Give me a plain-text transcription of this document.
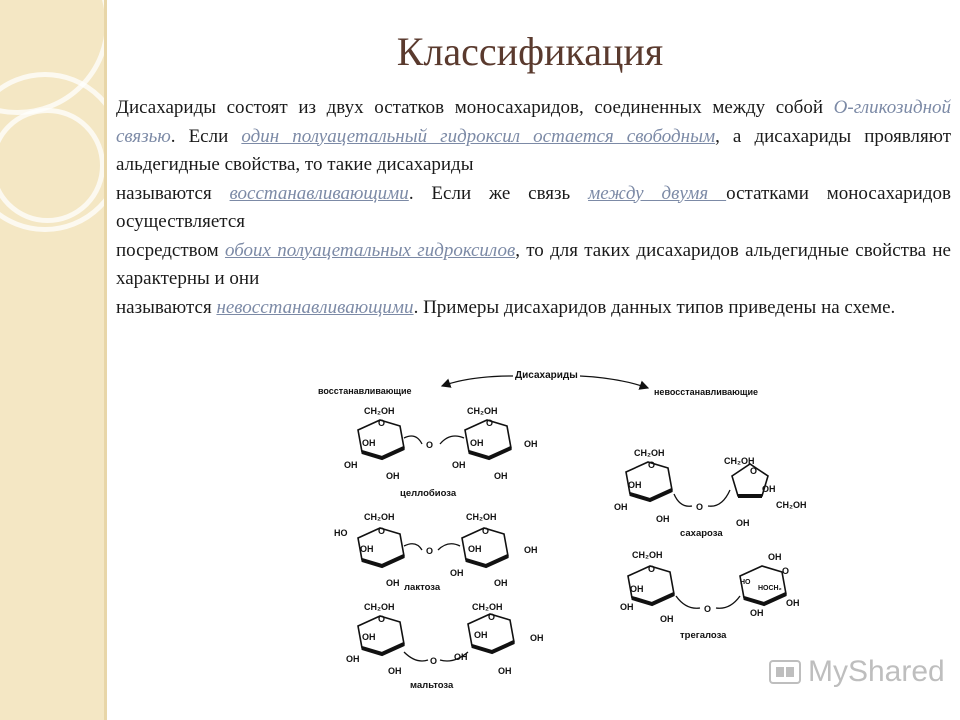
Классификация

Дисахариды состоят из двух остатков моносахаридов, соединенных между собой О-гликозидной связью. Если один полуацетальный гидроксил остается свободным, а дисахариды проявляют альдегидные свойства, то такие дисахариды

называются восстанавливающими. Если же связь между двумя остатками моносахаридов осуществляется

посредством обоих полуацетальных гидроксилов, то для таких дисахаридов альдегидные свойства не характерны и они

называются невосстанавливающими. Примеры дисахаридов данных типов приведены на схеме.

Дисахариды
восстанавливающие	невосстанавливающие
CH₂OH	CH₂OH
O	O
OH	OH
OH	OH
OH	OH
OH
O
целлобиоза
CH₂OH	CH₂OH
HO	O	O
OH	OH	OH
OH
OH
OH
O
лактоза
CH₂OH	CH₂OH
O	O
OH	OH	OH
OH	OH
OH	OH
O
мальтоза
CH₂OH
CH₂OH
O
O
OH
OH
OH
OH
OH
CH₂OH
O
сахароза
CH₂OH
O
OH
OH
OH
OH
OH
OH
HO
HOCH₂
O
O
трегалоза
MyShared
